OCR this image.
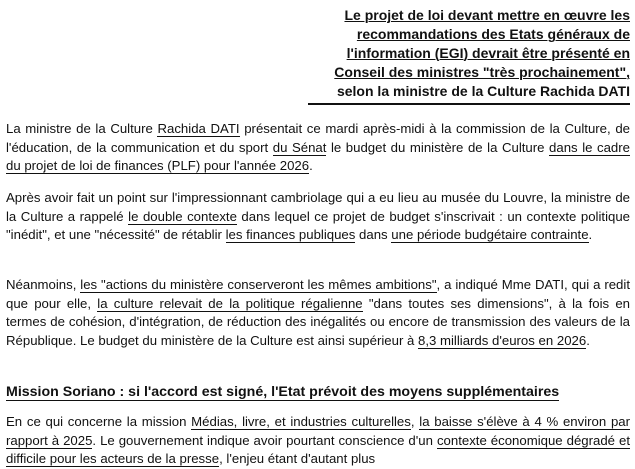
Le projet de loi devant mettre en œuvre les
recommandations des Etats généraux de
l'information (EGI) devrait être présenté en
Conseil des ministres "très prochainement",
selon la ministre de la Culture Rachida DATI

La ministre de la Culture Rachida DATI présentait ce mardi après-midi à la commission de la Culture, de l'éducation, de la communication et du sport du Sénat le budget du ministère de la Culture dans le cadre du projet de loi de finances (PLF) pour l'année 2026.

Après avoir fait un point sur l'impressionnant cambriolage qui a eu lieu au musée du Louvre, la ministre de la Culture a rappelé le double contexte dans lequel ce projet de budget s'inscrivait : un contexte politique "inédit", et une "nécessité" de rétablir les finances publiques dans une période budgétaire contrainte.

Néanmoins, les "actions du ministère conserveront les mêmes ambitions", a indiqué Mme DATI, qui a redit que pour elle, la culture relevait de la politique régalienne "dans toutes ses dimensions", à la fois en termes de cohésion, d'intégration, de réduction des inégalités ou encore de transmission des valeurs de la République. Le budget du ministère de la Culture est ainsi supérieur à 8,3 milliards d'euros en 2026.

Mission Soriano : si l'accord est signé, l'Etat prévoit des moyens supplémentaires

En ce qui concerne la mission Médias, livre, et industries culturelles, la baisse s'élève à 4 % environ par rapport à 2025. Le gouvernement indique avoir pourtant conscience d'un contexte économique dégradé et difficile pour les acteurs de la presse, l'enjeu étant d'autant plus
